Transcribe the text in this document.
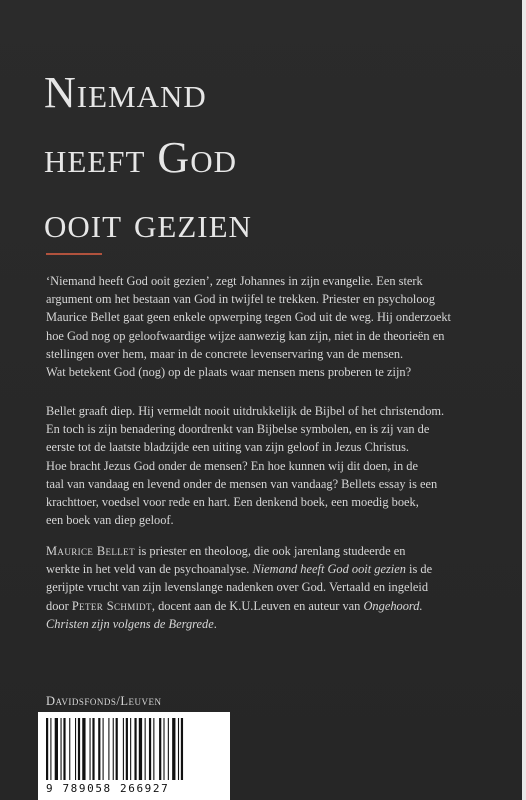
Niemand
heeft God
ooit gezien

‘Niemand heeft God ooit gezien’, zegt Johannes in zijn evangelie. Een sterk
argument om het bestaan van God in twijfel te trekken. Priester en psycholoog
Maurice Bellet gaat geen enkele opwerping tegen God uit de weg. Hij onderzoekt
hoe God nog op geloofwaardige wijze aanwezig kan zijn, niet in de theorieën en
stellingen over hem, maar in de concrete levenservaring van de mensen.
Wat betekent God (nog) op de plaats waar mensen mens proberen te zijn?

Bellet graaft diep. Hij vermeldt nooit uitdrukkelijk de Bijbel of het christendom.
En toch is zijn benadering doordrenkt van Bijbelse symbolen, en is zij van de
eerste tot de laatste bladzijde een uiting van zijn geloof in Jezus Christus.
Hoe bracht Jezus God onder de mensen? En hoe kunnen wij dit doen, in de
taal van vandaag en levend onder de mensen van vandaag? Bellets essay is een
krachttoer, voedsel voor rede en hart. Een denkend boek, een moedig boek,
een boek van diep geloof.

Maurice Bellet is priester en theoloog, die ook jarenlang studeerde en
werkte in het veld van de psychoanalyse. Niemand heeft God ooit gezien is de
gerijpte vrucht van zijn levenslange nadenken over God. Vertaald en ingeleid
door Peter Schmidt, docent aan de K.U.Leuven en auteur van Ongehoord.
Christen zijn volgens de Bergrede.

Davidsfonds/Leuven
9 789058 266927
